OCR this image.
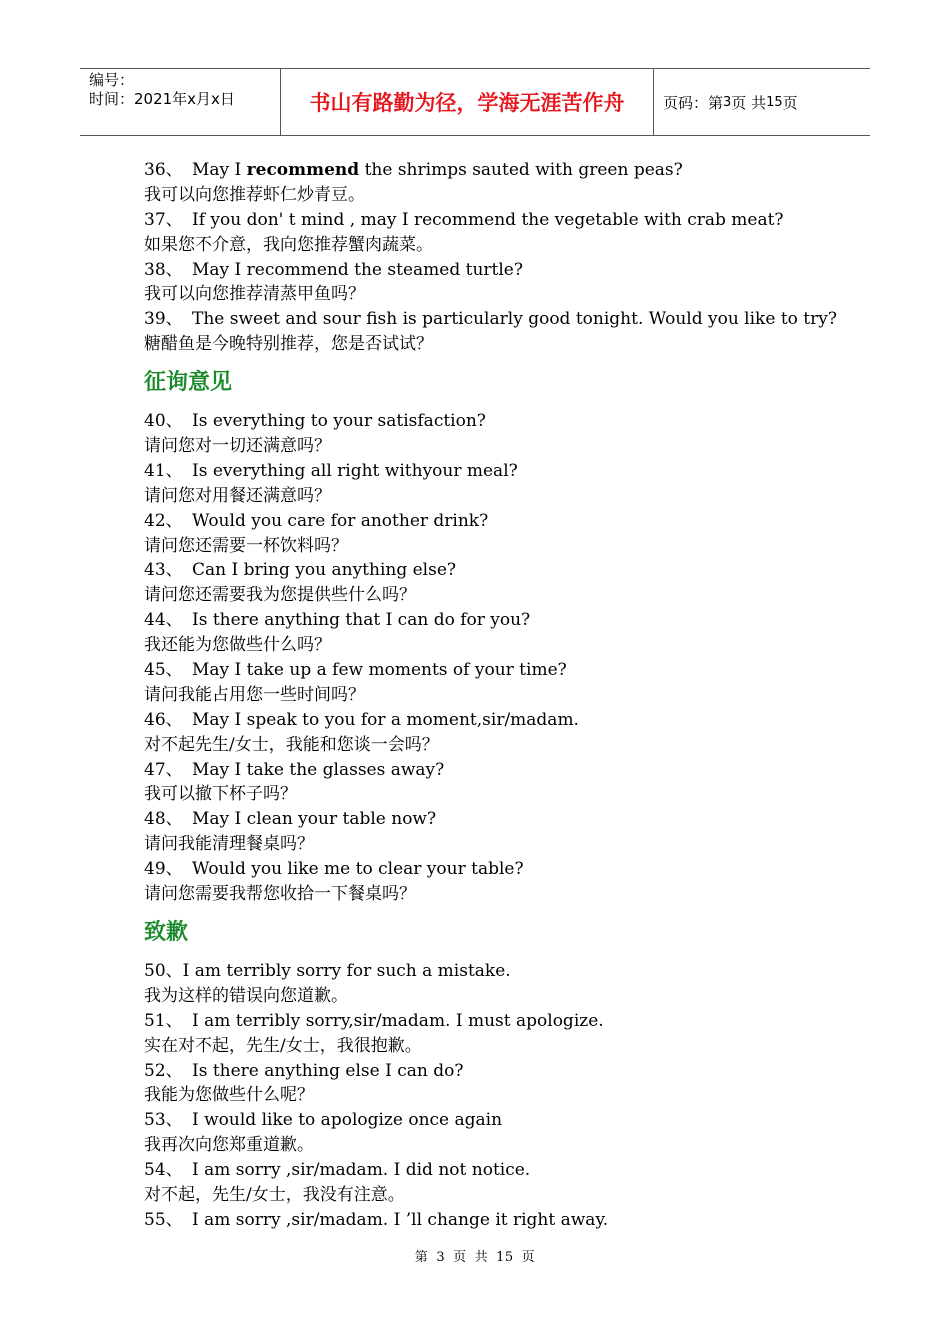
编号：
时间：2021年x月x日	书山有路勤为径，学海无涯苦作舟	页码：第 3 页 共 15 页
36、 May I recommend the shrimps sauted with green peas?
我可以向您推荐虾仁炒青豆。
37、 If you don' t mind , may I recommend the vegetable with crab meat?
如果您不介意，我向您推荐蟹肉蔬菜。
38、 May I recommend the steamed turtle?
我可以向您推荐清蒸甲鱼吗？
39、 The sweet and sour fish is particularly good tonight. Would you like to try?
糖醋鱼是今晚特别推荐，您是否试试？
征询意见
40、 Is everything to your satisfaction?
请问您对一切还满意吗？
41、 Is everything all right withyour meal?
请问您对用餐还满意吗？
42、 Would you care for another drink?
请问您还需要一杯饮料吗？
43、 Can I bring you anything else?
请问您还需要我为您提供些什么吗？
44、 Is there anything that I can do for you?
我还能为您做些什么吗？
45、 May I take up a few moments of your time?
请问我能占用您一些时间吗？
46、 May I speak to you for a moment,sir/madam.
对不起先生/女士，我能和您谈一会吗？
47、 May I take the glasses away?
我可以撤下杯子吗？
48、 May I clean your table now?
请问我能清理餐桌吗？
49、 Would you like me to clear your table?
请问您需要我帮您收拾一下餐桌吗？
致歉
50、I am terribly sorry for such a mistake.
我为这样的错误向您道歉。
51、 I am terribly sorry,sir/madam. I must apologize.
实在对不起，先生/女士，我很抱歉。
52、 Is there anything else I can do?
我能为您做些什么呢？
53、 I would like to apologize once again
我再次向您郑重道歉。
54、 I am sorry ,sir/madam. I did not notice.
对不起，先生/女士，我没有注意。
55、 I am sorry ,sir/madam. I ’ll change it right away.
第 3 页 共 15 页
